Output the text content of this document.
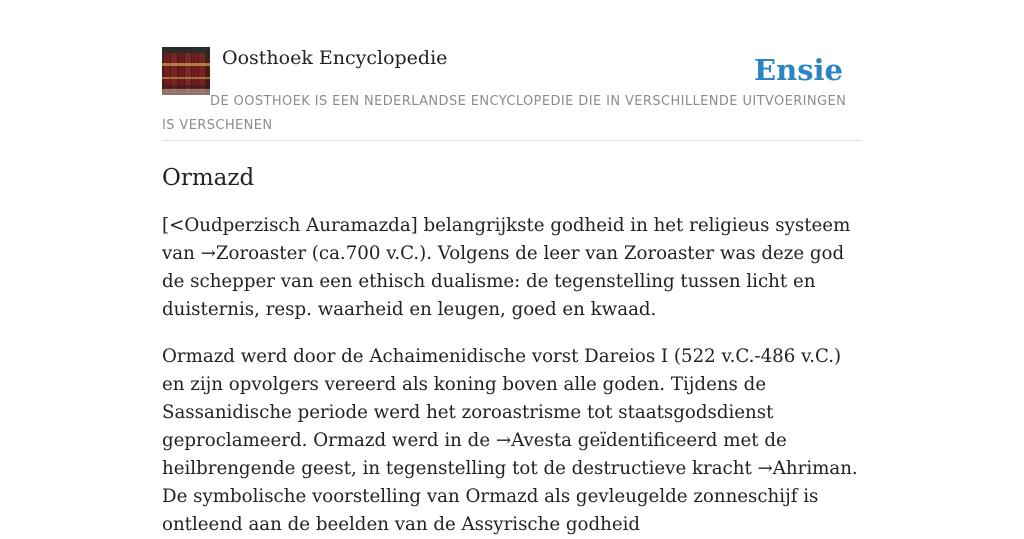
Oosthoek Encyclopedie	Ensie
DE OOSTHOEK IS EEN NEDERLANDSE ENCYCLOPEDIE DIE IN VERSCHILLENDE UITVOERINGEN IS VERSCHENEN
Ormazd

[<Oudperzisch Auramazda] belangrijkste godheid in het religieus systeem van →Zoroaster (ca.700 v.C.). Volgens de leer van Zoroaster was deze god de schepper van een ethisch dualisme: de tegenstelling tussen licht en duisternis, resp. waarheid en leugen, goed en kwaad.

Ormazd werd door de Achaimenidische vorst Dareios I (522 v.C.-486 v.C.) en zijn opvolgers vereerd als koning boven alle goden. Tijdens de Sassanidische periode werd het zoroastrisme tot staatsgodsdienst geproclameerd. Ormazd werd in de →Avesta geïdentificeerd met de heilbrengende geest, in tegenstelling tot de destructieve kracht →Ahriman. De symbolische voorstelling van Ormazd als gevleugelde zonneschijf is ontleend aan de beelden van de Assyrische godheid
